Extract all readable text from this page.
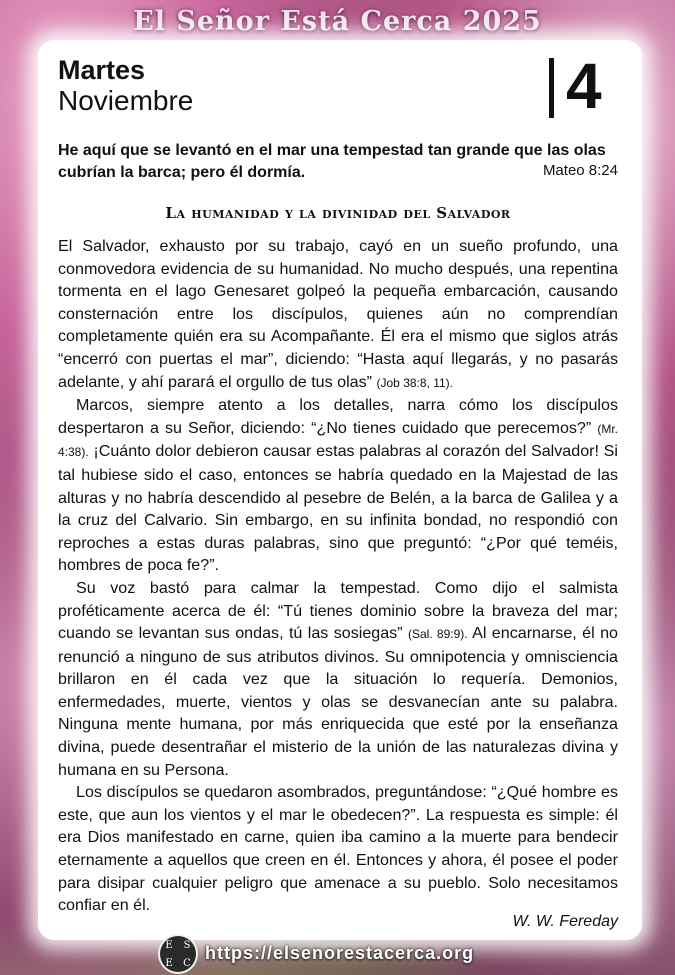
El Señor Está Cerca 2025
Martes
Noviembre	4

He aquí que se levantó en el mar una tempestad tan grande que las olas cubrían la barca; pero él dormía.	Mateo 8:24
La humanidad y la divinidad del Salvador

El Salvador, exhausto por su trabajo, cayó en un sueño profundo, una conmovedora evidencia de su humanidad. No mucho después, una repentina tormenta en el lago Genesaret golpeó la pequeña embarcación, causando consternación entre los discípulos, quienes aún no comprendían completamente quién era su Acompañante. Él era el mismo que siglos atrás “encerró con puertas el mar”, diciendo: “Hasta aquí llegarás, y no pasarás adelante, y ahí parará el orgullo de tus olas” (Job 38:8, 11).

Marcos, siempre atento a los detalles, narra cómo los discípulos despertaron a su Señor, diciendo: “¿No tienes cuidado que perecemos?” (Mr. 4:38). ¡Cuánto dolor debieron causar estas palabras al corazón del Salvador! Si tal hubiese sido el caso, entonces se habría quedado en la Majestad de las alturas y no habría descendido al pesebre de Belén, a la barca de Galilea y a la cruz del Calvario. Sin embargo, en su infinita bondad, no respondió con reproches a estas duras palabras, sino que preguntó: “¿Por qué teméis, hombres de poca fe?”.

Su voz bastó para calmar la tempestad. Como dijo el salmista proféticamente acerca de él: “Tú tienes dominio sobre la braveza del mar; cuando se levantan sus ondas, tú las sosiegas” (Sal. 89:9). Al encarnarse, él no renunció a ninguno de sus atributos divinos. Su omnipotencia y omnisciencia brillaron en él cada vez que la situación lo requería. Demonios, enfermedades, muerte, vientos y olas se desvanecían ante su palabra. Ninguna mente humana, por más enriquecida que esté por la enseñanza divina, puede desentrañar el misterio de la unión de las naturalezas divina y humana en su Persona.

Los discípulos se quedaron asombrados, preguntándose: “¿Qué hombre es este, que aun los vientos y el mar le obedecen?”. La respuesta es simple: él era Dios manifestado en carne, quien iba camino a la muerte para bendecir eternamente a aquellos que creen en él. Entonces y ahora, él posee el poder para disipar cualquier peligro que amenace a su pueblo. Solo necesitamos confiar en él.

W. W. Fereday
E S
E C https://elsenorestacerca.org
